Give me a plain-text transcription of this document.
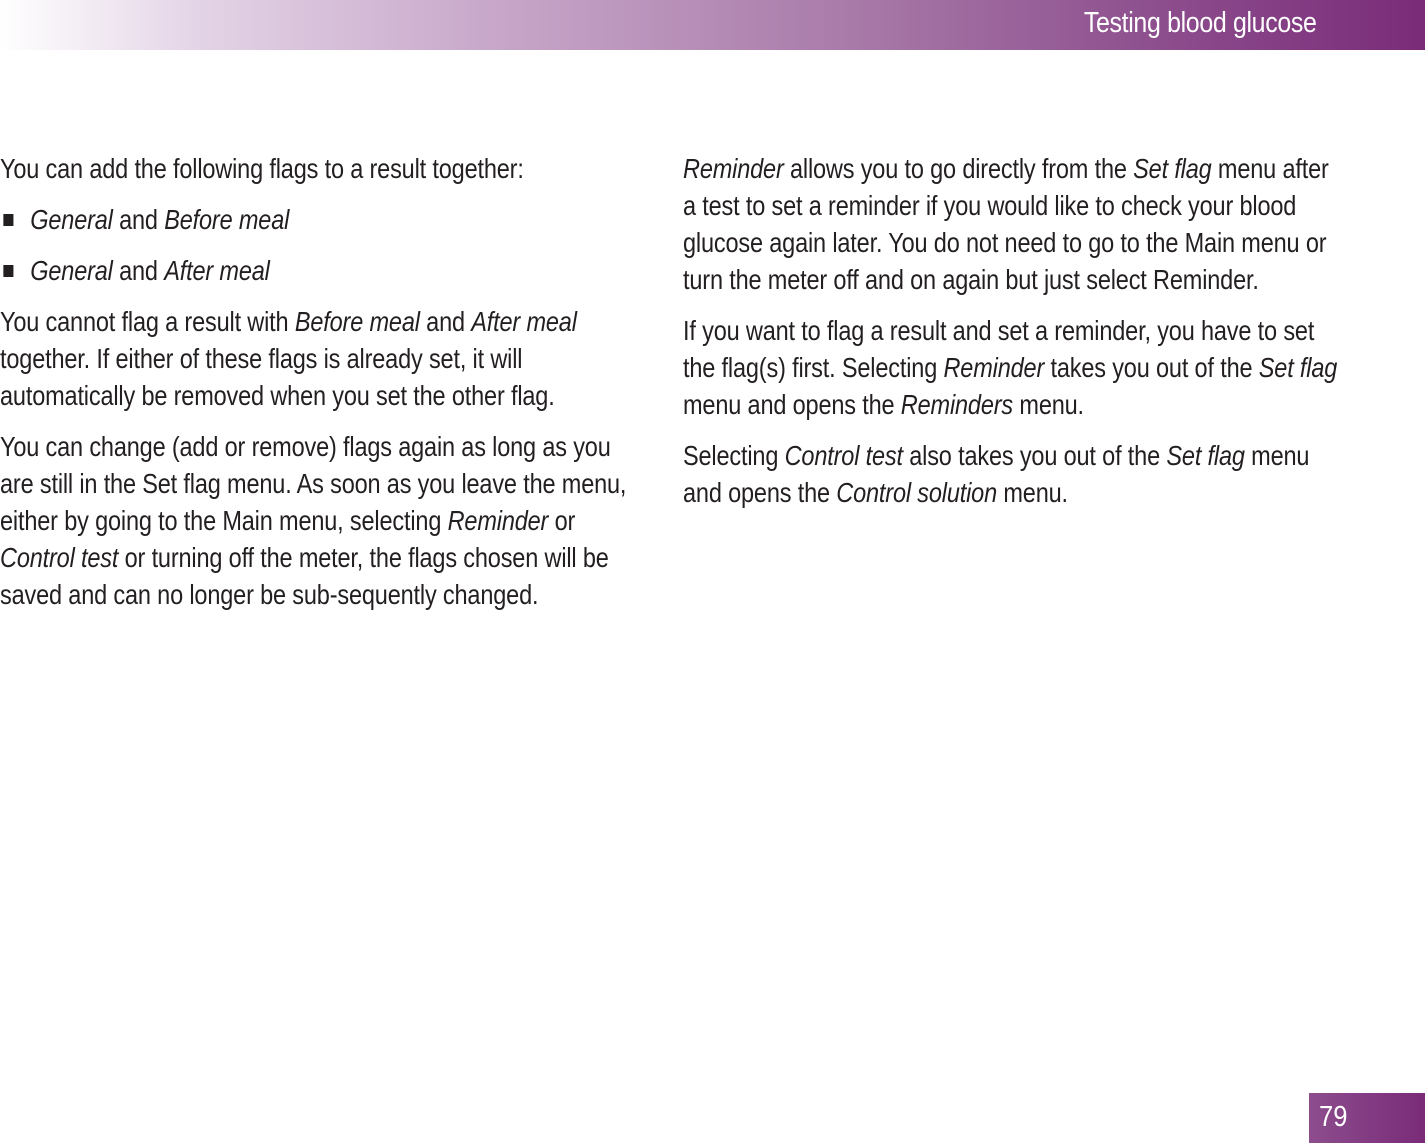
Testing blood glucose

You can add the following flags to a result together:

General and Before meal
General and After meal

You cannot flag a result with Before meal and After meal together. If either of these flags is already set, it will automatically be removed when you set the other flag.

You can change (add or remove) flags again as long as you are still in the Set flag menu. As soon as you leave the menu, either by going to the Main menu, selecting Reminder or Control test or turning off the meter, the flags chosen will be saved and can no longer be sub-sequently changed.

Reminder allows you to go directly from the Set flag menu after a test to set a reminder if you would like to check your blood glucose again later. You do not need to go to the Main menu or turn the meter off and on again but just select Reminder.

If you want to flag a result and set a reminder, you have to set the flag(s) first. Selecting Reminder takes you out of the Set flag menu and opens the Reminders menu.

Selecting Control test also takes you out of the Set flag menu and opens the Control solution menu.

79
